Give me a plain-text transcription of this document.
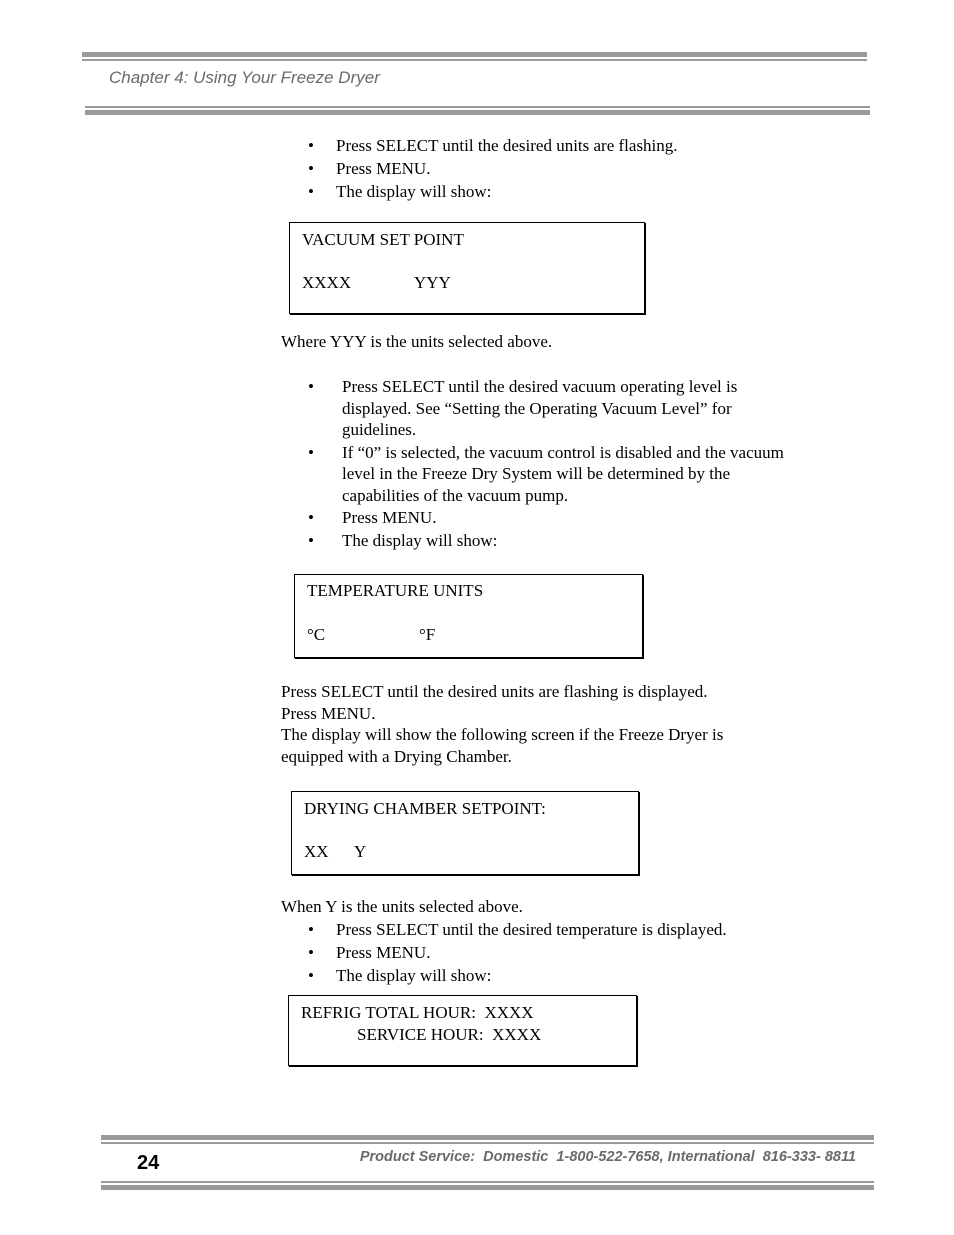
Chapter 4: Using Your Freeze Dryer
• Press SELECT until the desired units are flashing.
• Press MENU.
• The display will show:
VACUUM SET POINT
XXXX	YYY
Where YYY is the units selected above.
• Press SELECT until the desired vacuum operating level is displayed. See “Setting the Operating Vacuum Level” for guidelines.
• If “0” is selected, the vacuum control is disabled and the vacuum level in the Freeze Dry System will be determined by the capabilities of the vacuum pump.
• Press MENU.
• The display will show:
TEMPERATURE UNITS
°C	°F
Press SELECT until the desired units are flashing is displayed.
Press MENU.
The display will show the following screen if the Freeze Dryer is equipped with a Drying Chamber.
DRYING CHAMBER SETPOINT:
XX Y
When Y is the units selected above.
• Press SELECT until the desired temperature is displayed.
• Press MENU.
• The display will show:
REFRIG TOTAL HOUR:  XXXX
SERVICE HOUR:  XXXX
24	Product Service:  Domestic  1-800-522-7658, International  816-333- 8811
